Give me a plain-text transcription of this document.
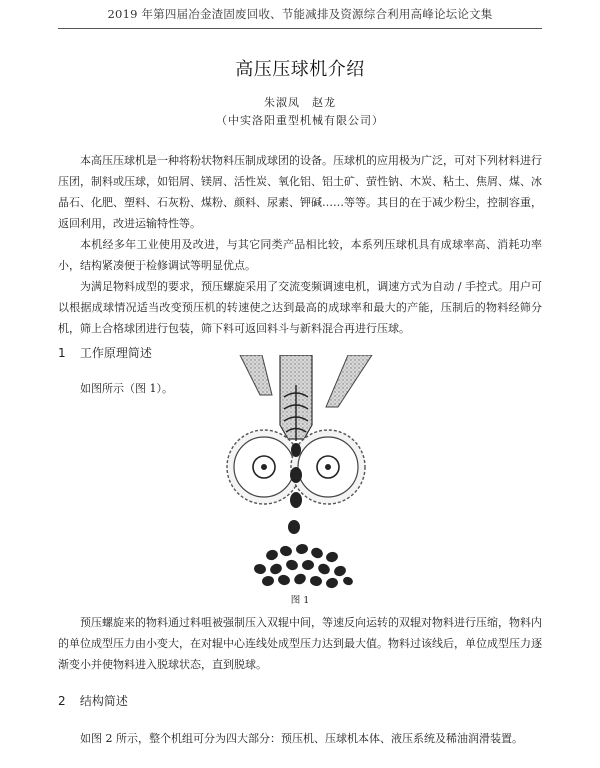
2019 年第四届冶金渣固废回收、节能减排及资源综合利用高峰论坛论文集
高压压球机介绍
朱淑凤　赵龙
（中实洛阳重型机械有限公司）

本高压压球机是一种将粉状物料压制成球团的设备。压球机的应用极为广泛，可对下列材料进行压团，制料或压球，如铝屑、镁屑、活性炭、氧化铝、铝土矿、萤性钠、木炭、粘土、焦屑、煤、冰晶石、化肥、塑料、石灰粉、煤粉、颜料、尿素、钾碱……等等。其目的在于减少粉尘，控制容重，返回利用，改进运输特性等。

本机经多年工业使用及改进，与其它同类产品相比较，本系列压球机具有成球率高、消耗功率小，结构紧凑便于检修调试等明显优点。

为满足物料成型的要求，预压螺旋采用了交流变频调速电机，调速方式为自动 / 手控式。用户可以根据成球情况适当改变预压机的转速使之达到最高的成球率和最大的产能，压制后的物料经筛分机，筛上合格球团进行包装，筛下料可返回料斗与新料混合再进行压球。

1 工作原理简述

如图所示（图 1）。

图 1

预压螺旋来的物料通过料咀被强制压入双辊中间，等速反向运转的双辊对物料进行压缩，物料内的单位成型压力由小变大，在对辊中心连线处成型压力达到最大值。物料过该线后，单位成型压力逐渐变小并使物料进入脱球状态，直到脱球。

2 结构简述

如图 2 所示，整个机组可分为四大部分：预压机、压球机本体、液压系统及稀油润滑装置。
